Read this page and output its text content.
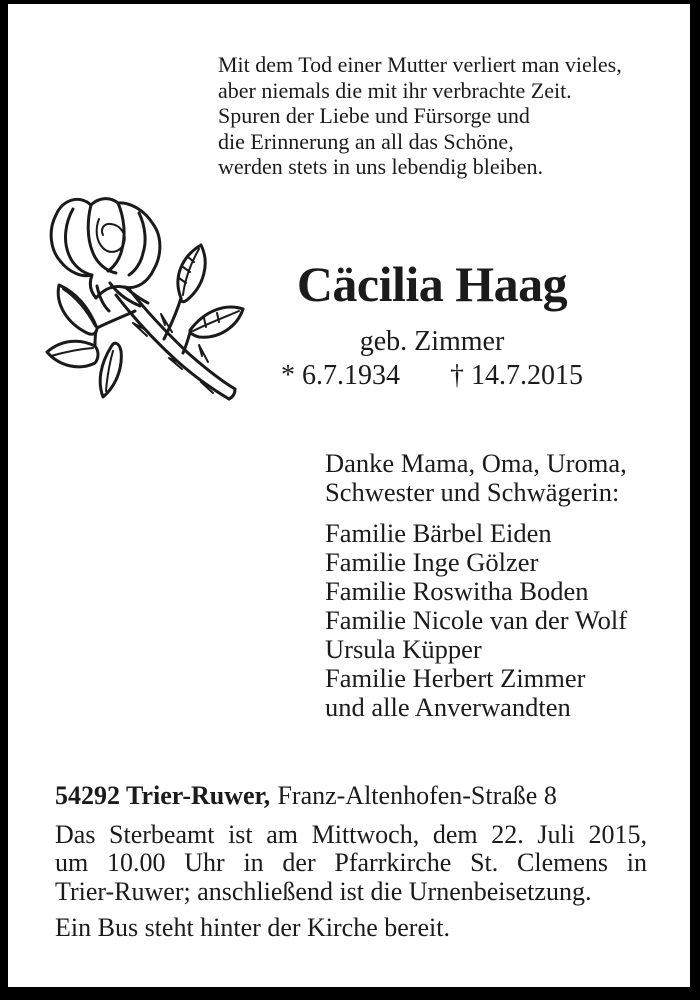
Mit dem Tod einer Mutter verliert man vieles,
aber niemals die mit ihr verbrachte Zeit.
Spuren der Liebe und Fürsorge und
die Erinnerung an all das Schöne,
werden stets in uns lebendig bleiben.
Cäcilia Haag
geb. Zimmer
* 6.7.1934 † 14.7.2015
Danke Mama, Oma, Uroma,
Schwester und Schwägerin:
Familie Bärbel Eiden
Familie Inge Gölzer
Familie Roswitha Boden
Familie Nicole van der Wolf
Ursula Küpper
Familie Herbert Zimmer
und alle Anverwandten
54292 Trier-Ruwer, Franz-Altenhofen-Straße 8
Das Sterbeamt ist am Mittwoch, dem 22. Juli 2015,
um 10.00 Uhr in der Pfarrkirche St. Clemens in
Trier-Ruwer; anschließend ist die Urnenbeisetzung.
Ein Bus steht hinter der Kirche bereit.
